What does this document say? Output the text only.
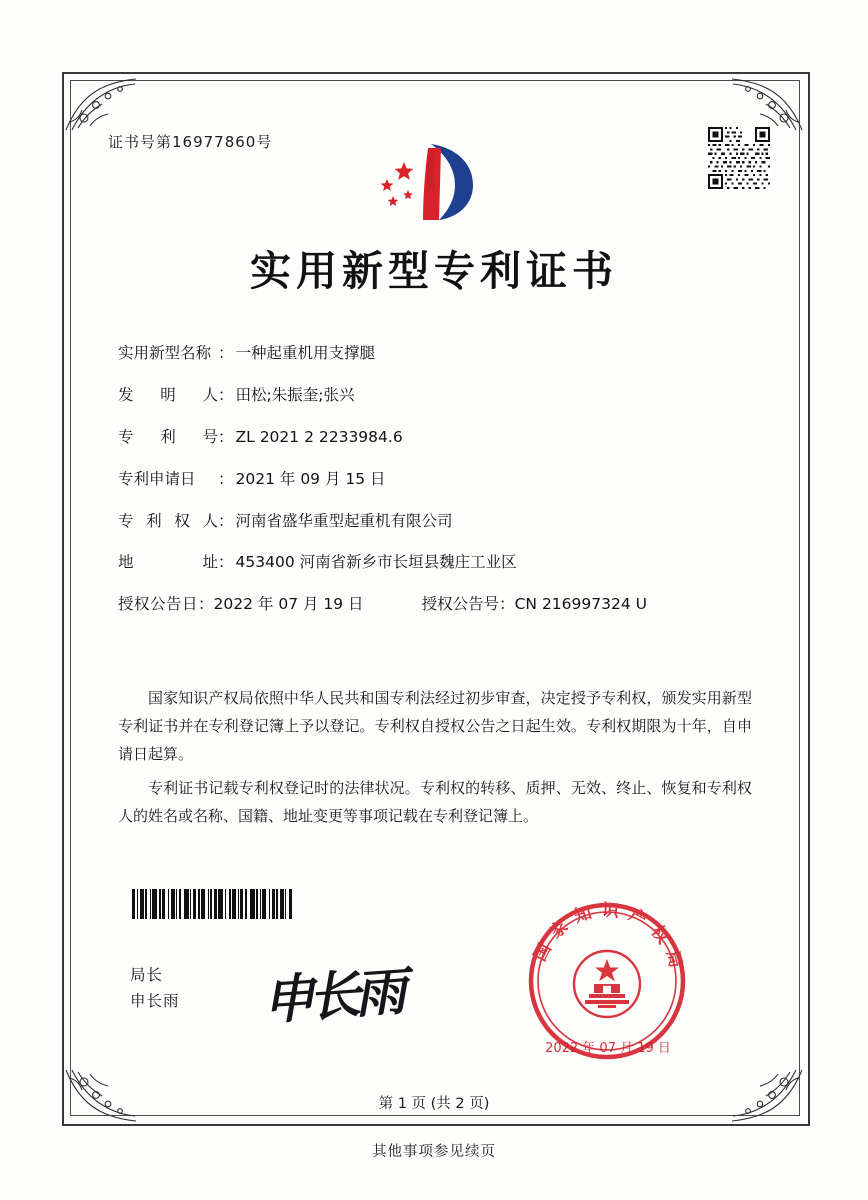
证书号第16977860号
实用新型专利证书
实用新型名称 ： 一种起重机用支撑腿
发 明 人 ： 田松;朱振奎;张兴
专 利 号 ： ZL 2021 2 2233984.6
专利申请日	： 2021 年 09 月 15 日
专 利 权 人 ： 河南省盛华重型起重机有限公司
地	址 ： 453400 河南省新乡市长垣县魏庄工业区
授权公告日 ： 2022 年 07 月 19 日	授权公告号 ： CN 216997324 U

国家知识产权局依照中华人民共和国专利法经过初步审查，决定授予专利权，颁发实用新型专利证书并在专利登记簿上予以登记。专利权自授权公告之日起生效。专利权期限为十年，自申请日起算。

专利证书记载专利权登记时的法律状况。专利权的转移、质押、无效、终止、恢复和专利权人的姓名或名称、国籍、地址变更等事项记载在专利登记簿上。

局长
申长雨 申长雨
国家知识产权局
2022 年 07 月 19 日
第 1 页 (共 2 页)
其他事项参见续页
